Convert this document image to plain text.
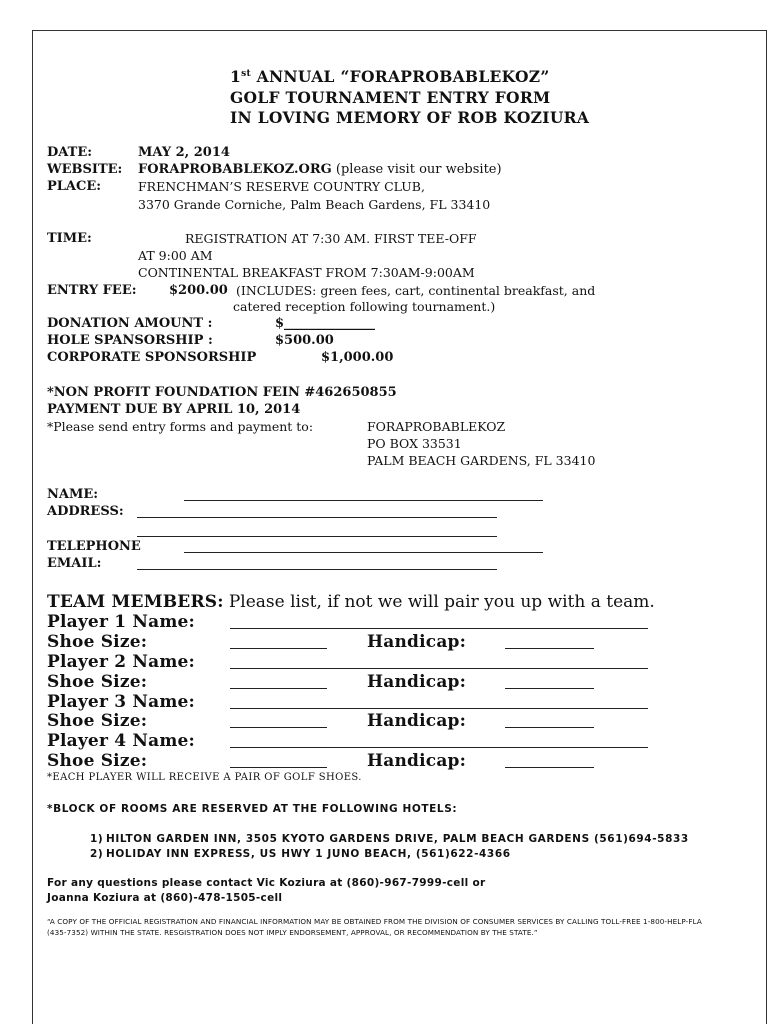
1st ANNUAL “FORAPROBABLEKOZ”
GOLF TOURNAMENT ENTRY FORM
IN LOVING MEMORY OF ROB KOZIURA
DATE:	MAY 2, 2014
WEBSITE: FORAPROBABLEKOZ.ORG (please visit our website)
PLACE:	FRENCHMAN’S RESERVE COUNTRY CLUB,
3370 Grande Corniche, Palm Beach Gardens, FL 33410
TIME:	REGISTRATION AT 7:30 AM. FIRST TEE-OFF
AT 9:00 AM
CONTINENTAL BREAKFAST FROM 7:30AM-9:00AM
ENTRY FEE: $200.00 (INCLUDES: green fees, cart, continental breakfast, and
catered reception following tournament.)
DONATION AMOUNT :	$______________
HOLE SPANSORSHIP :	$500.00
CORPORATE SPONSORSHIP	$1,000.00
*NON PROFIT FOUNDATION FEIN #462650855
PAYMENT DUE BY APRIL 10, 2014
*Please send entry forms and payment to:	FORAPROBABLEKOZ
PO BOX 33531
PALM BEACH GARDENS, FL 33410
NAME:
ADDRESS:
TELEPHONE
EMAIL:
TEAM MEMBERS: Please list, if not we will pair you up with a team.
Player 1 Name:
Shoe Size:	Handicap:
Player 2 Name:
Shoe Size:	Handicap:
Player 3 Name:
Shoe Size:	Handicap:
Player 4 Name:
Shoe Size:	Handicap:
*EACH PLAYER WILL RECEIVE A PAIR OF GOLF SHOES.
*BLOCK OF ROOMS ARE RESERVED AT THE FOLLOWING HOTELS:
1) HILTON GARDEN INN, 3505 KYOTO GARDENS DRIVE, PALM BEACH GARDENS (561)694-5833
2) HOLIDAY INN EXPRESS, US HWY 1 JUNO BEACH, (561)622-4366
For any questions please contact Vic Koziura at (860)-967-7999-cell or
Joanna Koziura at (860)-478-1505-cell
“A COPY OF THE OFFICIAL REGISTRATION AND FINANCIAL INFORMATION MAY BE OBTAINED FROM THE DIVISION OF CONSUMER SERVICES BY CALLING TOLL-FREE 1-800-HELP-FLA (435-7352) WITHIN THE STATE. RESGISTRATION DOES NOT IMPLY ENDORSEMENT, APPROVAL, OR RECOMMENDATION BY THE STATE.”
